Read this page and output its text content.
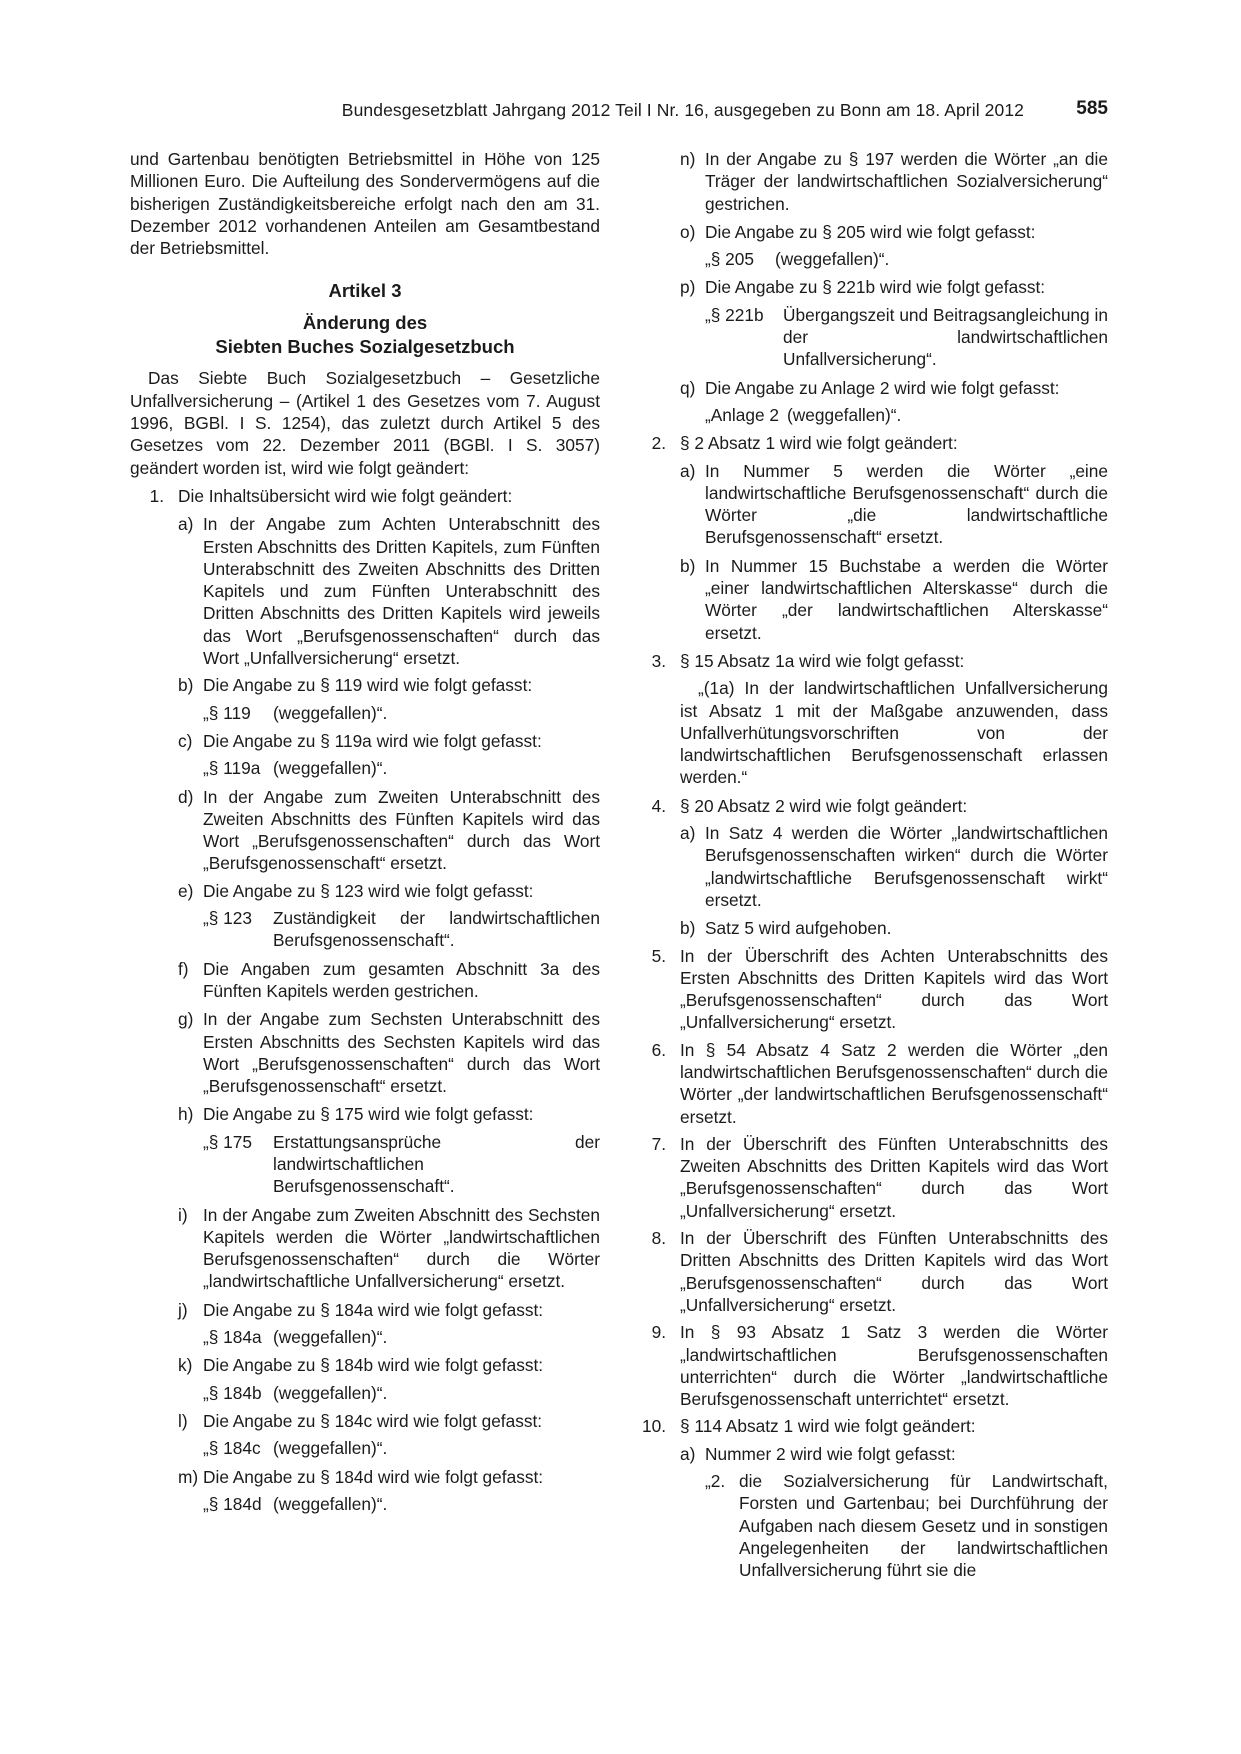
Bundesgesetzblatt Jahrgang 2012 Teil I Nr. 16, ausgegeben zu Bonn am 18. April 2012	585

und Gartenbau benötigten Betriebsmittel in Höhe von 125 Millionen Euro. Die Aufteilung des Sondervermögens auf die bisherigen Zuständigkeitsbereiche erfolgt nach den am 31. Dezember 2012 vorhandenen Anteilen am Gesamtbestand der Betriebsmittel.

Artikel 3

Änderung des

Siebten Buches Sozialgesetzbuch

Das Siebte Buch Sozialgesetzbuch – Gesetzliche Unfallversicherung – (Artikel 1 des Gesetzes vom 7. August 1996, BGBl. I S. 1254), das zuletzt durch Artikel 5 des Gesetzes vom 22. Dezember 2011 (BGBl. I S. 3057) geändert worden ist, wird wie folgt geändert:

1. Die Inhaltsübersicht wird wie folgt geändert:
a) In der Angabe zum Achten Unterabschnitt des Ersten Abschnitts des Dritten Kapitels, zum Fünften Unterabschnitt des Zweiten Abschnitts des Dritten Kapitels und zum Fünften Unterabschnitt des Dritten Abschnitts des Dritten Kapitels wird jeweils das Wort „Berufsgenossenschaften“ durch das Wort „Unfallversicherung“ ersetzt.
b) Die Angabe zu § 119 wird wie folgt gefasst:
„§ 119	(weggefallen)“.
c) Die Angabe zu § 119a wird wie folgt gefasst:
„§ 119a (weggefallen)“.
d) In der Angabe zum Zweiten Unterabschnitt des Zweiten Abschnitts des Fünften Kapitels wird das Wort „Berufsgenossenschaften“ durch das Wort „Berufsgenossenschaft“ ersetzt.
e) Die Angabe zu § 123 wird wie folgt gefasst:
„§ 123	Zuständigkeit der landwirtschaftlichen Berufsgenossenschaft“.
f) Die Angaben zum gesamten Abschnitt 3a des Fünften Kapitels werden gestrichen.
g) In der Angabe zum Sechsten Unterabschnitt des Ersten Abschnitts des Sechsten Kapitels wird das Wort „Berufsgenossenschaften“ durch das Wort „Berufsgenossenschaft“ ersetzt.
h) Die Angabe zu § 175 wird wie folgt gefasst:
„§ 175	Erstattungsansprüche der landwirtschaftlichen Berufsgenossenschaft“.
i) In der Angabe zum Zweiten Abschnitt des Sechsten Kapitels werden die Wörter „landwirtschaftlichen Berufsgenossenschaften“ durch die Wörter „landwirtschaftliche Unfallversicherung“ ersetzt.
j) Die Angabe zu § 184a wird wie folgt gefasst:
„§ 184a (weggefallen)“.
k) Die Angabe zu § 184b wird wie folgt gefasst:
„§ 184b (weggefallen)“.
l) Die Angabe zu § 184c wird wie folgt gefasst:
„§ 184c (weggefallen)“.
m) Die Angabe zu § 184d wird wie folgt gefasst:
„§ 184d (weggefallen)“.
n) In der Angabe zu § 197 werden die Wörter „an die Träger der landwirtschaftlichen Sozialversicherung“ gestrichen.
o) Die Angabe zu § 205 wird wie folgt gefasst:
„§ 205	(weggefallen)“.
p) Die Angabe zu § 221b wird wie folgt gefasst:
„§ 221b	Übergangszeit und Beitragsangleichung in der landwirtschaftlichen Unfallversicherung“.
q) Die Angabe zu Anlage 2 wird wie folgt gefasst:
„Anlage 2 (weggefallen)“.
2. § 2 Absatz 1 wird wie folgt geändert:
a) In Nummer 5 werden die Wörter „eine landwirtschaftliche Berufsgenossenschaft“ durch die Wörter „die landwirtschaftliche Berufsgenossenschaft“ ersetzt.
b) In Nummer 15 Buchstabe a werden die Wörter „einer landwirtschaftlichen Alterskasse“ durch die Wörter „der landwirtschaftlichen Alterskasse“ ersetzt.
3. § 15 Absatz 1a wird wie folgt gefasst:

„(1a) In der landwirtschaftlichen Unfallversicherung ist Absatz 1 mit der Maßgabe anzuwenden, dass Unfallverhütungsvorschriften von der landwirtschaftlichen Berufsgenossenschaft erlassen werden.“

4. § 20 Absatz 2 wird wie folgt geändert:
a) In Satz 4 werden die Wörter „landwirtschaftlichen Berufsgenossenschaften wirken“ durch die Wörter „landwirtschaftliche Berufsgenossenschaft wirkt“ ersetzt.
b) Satz 5 wird aufgehoben.
5. In der Überschrift des Achten Unterabschnitts des Ersten Abschnitts des Dritten Kapitels wird das Wort „Berufsgenossenschaften“ durch das Wort „Unfallversicherung“ ersetzt.
6. In § 54 Absatz 4 Satz 2 werden die Wörter „den landwirtschaftlichen Berufsgenossenschaften“ durch die Wörter „der landwirtschaftlichen Berufsgenossenschaft“ ersetzt.
7. In der Überschrift des Fünften Unterabschnitts des Zweiten Abschnitts des Dritten Kapitels wird das Wort „Berufsgenossenschaften“ durch das Wort „Unfallversicherung“ ersetzt.
8. In der Überschrift des Fünften Unterabschnitts des Dritten Abschnitts des Dritten Kapitels wird das Wort „Berufsgenossenschaften“ durch das Wort „Unfallversicherung“ ersetzt.
9. In § 93 Absatz 1 Satz 3 werden die Wörter „landwirtschaftlichen Berufsgenossenschaften unterrichten“ durch die Wörter „landwirtschaftliche Berufsgenossenschaft unterrichtet“ ersetzt.
10. § 114 Absatz 1 wird wie folgt geändert:
a) Nummer 2 wird wie folgt gefasst:
„2. die Sozialversicherung für Landwirtschaft, Forsten und Gartenbau; bei Durchführung der Aufgaben nach diesem Gesetz und in sonstigen Angelegenheiten der landwirtschaftlichen Unfallversicherung führt sie die
